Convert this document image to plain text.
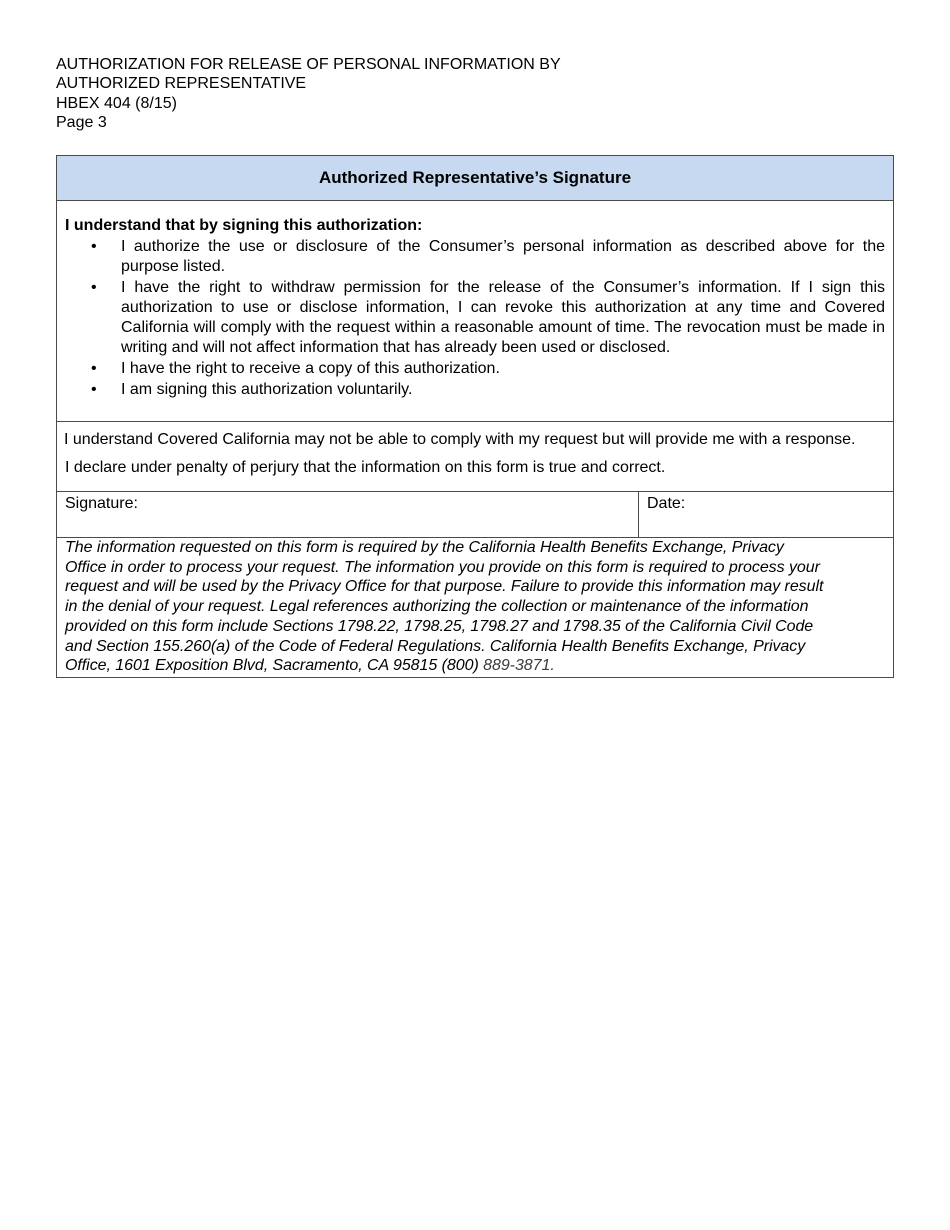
AUTHORIZATION FOR RELEASE OF PERSONAL INFORMATION BY
AUTHORIZED REPRESENTATIVE
HBEX 404 (8/15)
Page 3
Authorized Representative’s Signature
I understand that by signing this authorization:
• I authorize the use or disclosure of the Consumer’s personal information as described above for the purpose listed.
• I have the right to withdraw permission for the release of the Consumer’s information. If I sign this authorization to use or disclose information, I can revoke this authorization at any time and Covered California will comply with the request within a reasonable amount of time. The revocation must be made in writing and will not affect information that has already been used or disclosed.
• I have the right to receive a copy of this authorization.
• I am signing this authorization voluntarily.

I understand Covered California may not be able to comply with my request but will provide me with a response.

I declare under penalty of perjury that the information on this form is true and correct.

Signature:	Date:
The information requested on this form is required by the California Health Benefits Exchange, Privacy
Office in order to process your request. The information you provide on this form is required to process your
request and will be used by the Privacy Office for that purpose. Failure to provide this information may result
in the denial of your request. Legal references authorizing the collection or maintenance of the information
provided on this form include Sections 1798.22, 1798.25, 1798.27 and 1798.35 of the California Civil Code
and Section 155.260(a) of the Code of Federal Regulations. California Health Benefits Exchange, Privacy
Office, 1601 Exposition Blvd, Sacramento, CA 95815 (800) 889-3871.
